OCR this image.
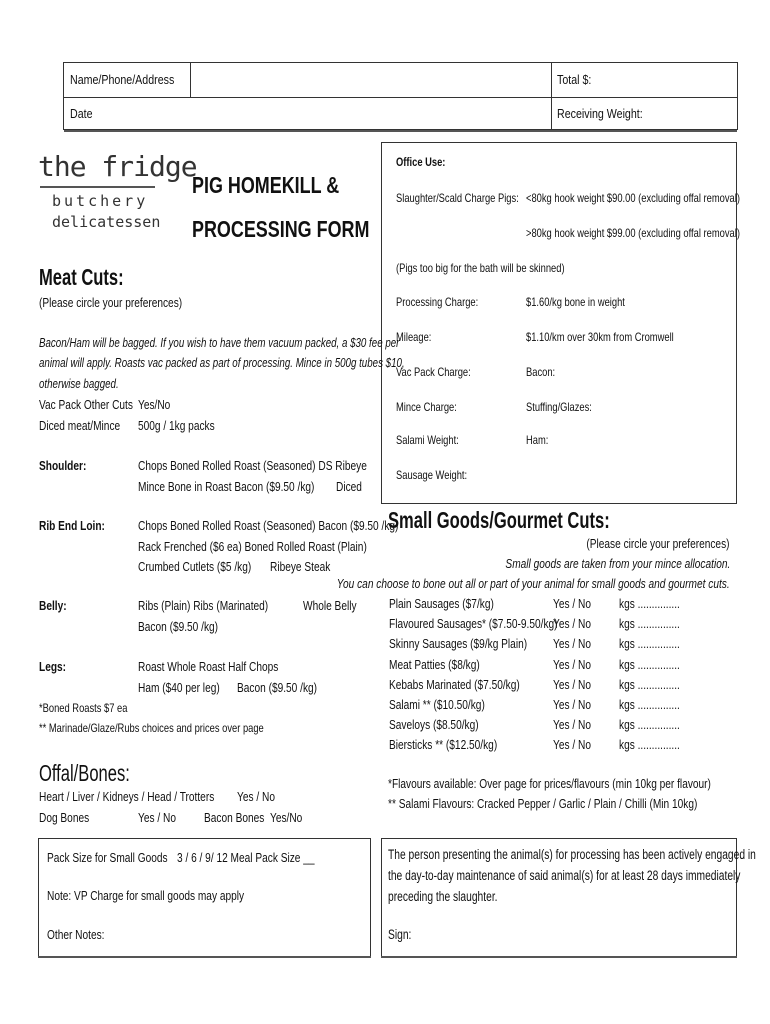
Name/Phone/Address	Total $:
Date	Receiving Weight:
the fridge
butchery
delicatessen
PIG HOMEKILL &
PROCESSING FORM
Office Use:
Slaughter/Scald Charge Pigs: <80kg hook weight $90.00 (excluding offal removal)
>80kg hook weight $99.00 (excluding offal removal)
(Pigs too big for the bath will be skinned)
Processing Charge:	$1.60/kg bone in weight
Mileage:	$1.10/km over 30km from Cromwell
Vac Pack Charge:	Bacon:
Mince Charge:	Stuffing/Glazes:
Salami Weight:	Ham:
Sausage Weight:
Meat Cuts:
(Please circle your preferences)
Bacon/Ham will be bagged. If you wish to have them vacuum packed, a $30 fee per
animal will apply. Roasts vac packed as part of processing. Mince in 500g tubes $10,
otherwise bagged.
Vac Pack Other Cuts Yes/No
Diced meat/Mince 500g / 1kg packs
Shoulder:	Chops Boned Rolled Roast (Seasoned) DS Ribeye
Mince Bone in Roast Bacon ($9.50 /kg) Diced
Rib End Loin:	Chops Boned Rolled Roast (Seasoned) Bacon ($9.50 /kg)
Rack Frenched ($6 ea) Boned Rolled Roast (Plain)
Crumbed Cutlets ($5 /kg) Ribeye Steak
Belly:	Ribs (Plain) Ribs (Marinated)	Whole Belly
Bacon ($9.50 /kg)
Legs:	Roast Whole Roast Half Chops
Ham ($40 per leg) Bacon ($9.50 /kg)
*Boned Roasts $7 ea
** Marinade/Glaze/Rubs choices and prices over page
Offal/Bones:
Heart / Liver / Kidneys / Head / Trotters Yes / No
Dog Bones	Yes / No Bacon Bones Yes/No
Small Goods/Gourmet Cuts:
(Please circle your preferences)
Small goods are taken from your mince allocation.
You can choose to bone out all or part of your animal for small goods and gourmet cuts.
Plain Sausages ($7/kg)	Yes / No kgs ...............
Flavoured Sausages* ($7.50-9.50/kg)
Yes / No kgs ...............
Skinny Sausages ($9/kg Plain) Yes / No kgs ...............
Meat Patties ($8/kg)	Yes / No kgs ...............
Kebabs Marinated ($7.50/kg)	Yes / No kgs ...............
Salami ** ($10.50/kg)	Yes / No kgs ...............
Saveloys ($8.50/kg)	Yes / No kgs ...............
Biersticks ** ($12.50/kg)	Yes / No kgs ...............
*Flavours available: Over page for prices/flavours (min 10kg per flavour)
** Salami Flavours: Cracked Pepper / Garlic / Plain / Chilli (Min 10kg)
Pack Size for Small Goods 3 / 6 / 9/ 12 Meal Pack Size __
Note: VP Charge for small goods may apply
Other Notes:
The person presenting the animal(s) for processing has been actively engaged in
the day-to-day maintenance of said animal(s) for at least 28 days immediately
preceding the slaughter.
Sign:
